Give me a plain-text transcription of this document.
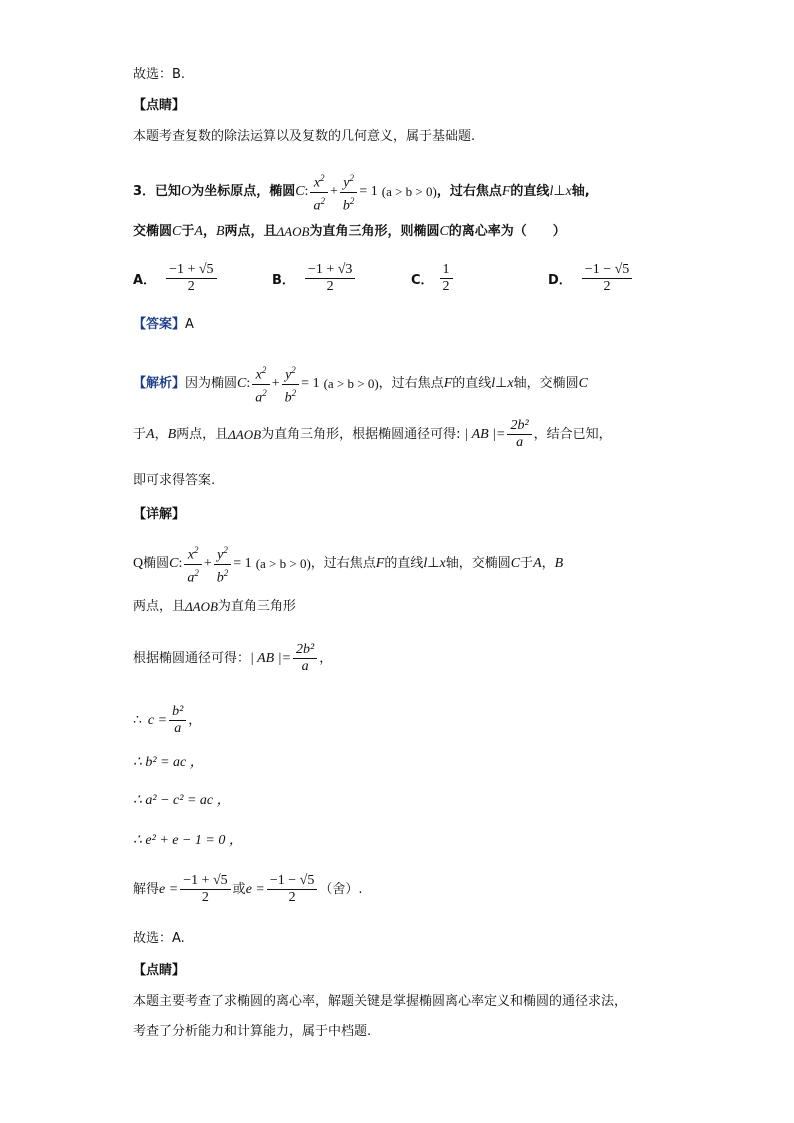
故选：B.
【点睛】
本题考查复数的除法运算以及复数的几何意义，属于基础题.
3． 已知 O 为坐标原点，椭圆 C : $\frac{x^2}{a^2} + \frac{y^2}{b^2} = 1$ (a > b > 0) ，过右焦点 F 的直线 l ⊥ x 轴,
交椭圆 C 于 A ， B 两点，且 ΔAOB 为直角三角形，则椭圆 C 的离心率为（　　）
A． $\frac{-1 + √5}{2}$	B． $\frac{-1 + √3}{2}$	C． $\frac{1}{2}$	D． $\frac{-1 - √5}{2}$
【答案】 A
【解析】 因为椭圆 C : $\frac{x^2}{a^2} + \frac{y^2}{b^2} = 1$ (a > b > 0) ，过右焦点 F 的直线 l ⊥ x 轴，交椭圆 C
于 A ， B 两点，且 ΔAOB 为直角三角形，根据椭圆通径可得: | AB |= $\frac{\text{2b²}}{a}$ ，结合已知，
即可求得答案.
【详解】
Q 椭圆 C : $\frac{x^2}{a^2} + \frac{y^2}{b^2} = 1$ (a > b > 0) ，过右焦点 F 的直线 l ⊥ x 轴，交椭圆 C 于 A ， B
两点，且 ΔAOB 为直角三角形
根据椭圆通径可得： | AB |= $\frac{\text{2b²}}{a}$ ，
∴ $c = \frac{\text{b²}}{a}$ ，
∴ b² = ac ，
∴ a² − c² = ac ，
∴ e² + e − 1 = 0 ，
解得 $e = \frac{-1 + √5}{2}$ 或 $e = \frac{-1 - √5}{2}$ （舍）.
故选：A.
【点睛】
本题主要考查了求椭圆的离心率，解题关键是掌握椭圆离心率定义和椭圆的通径求法，
考查了分析能力和计算能力，属于中档题.
